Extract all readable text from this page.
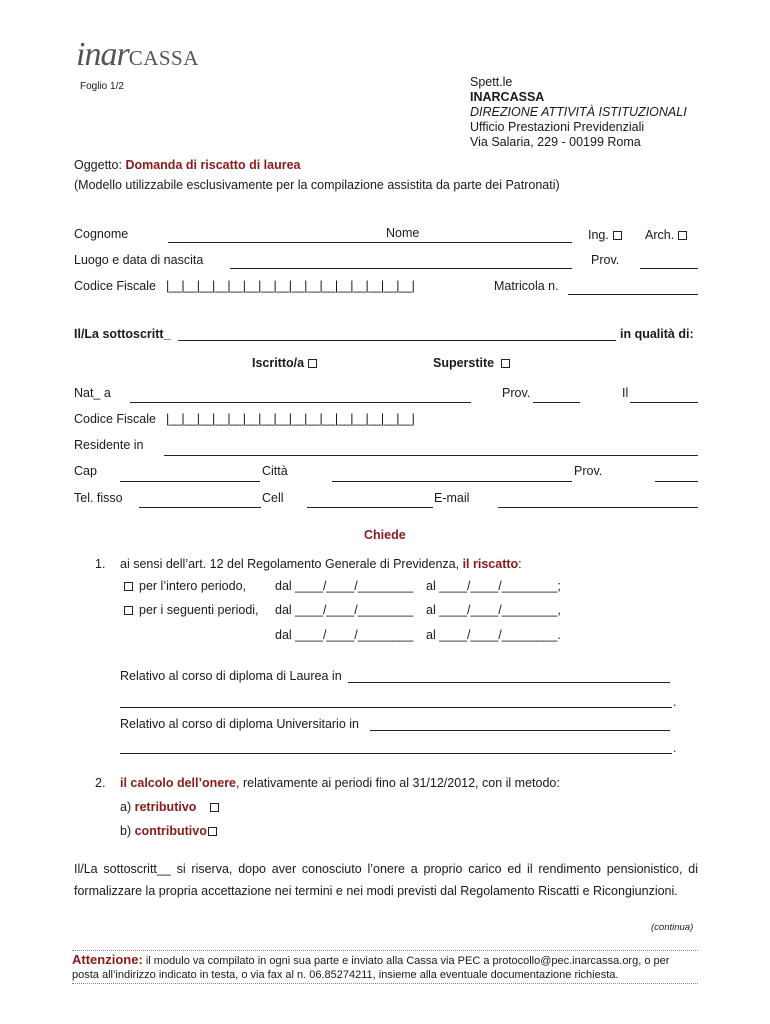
inarCASSA
Foglio 1/2	Spett.le
INARCASSA
DIREZIONE ATTIVITÀ ISTITUZIONALI
Ufficio Prestazioni Previdenziali
Via Salaria, 229 - 00199 Roma
Oggetto: Domanda di riscatto di laurea
(Modello utilizzabile esclusivamente per la compilazione assistita da parte dei Patronati)
Cognome	Nome	Ing.	Arch.
Luogo e data di nascita	Prov.
Codice Fiscale |__|__|__|__|__|__|__|__|__|__|__|__|__|__|__|__|	Matricola n.
Il/La sottoscritt_	in qualità di:
Iscritto/a	Superstite
Nat_ a	Prov.	Il
Codice Fiscale |__|__|__|__|__|__|__|__|__|__|__|__|__|__|__|__|
Residente in
Cap	Città	Prov.
Tel. fisso	Cell	E-mail
Chiede
1. ai sensi dell’art. 12 del Regolamento Generale di Previdenza, il riscatto:
per l’intero periodo, dal ____/____/________ al ____/____/________;
per i seguenti periodi, dal ____/____/________ al ____/____/________,
dal ____/____/________ al ____/____/________.
Relativo al corso di diploma di Laurea in
.
Relativo al corso di diploma Universitario in
.
2. il calcolo dell’onere, relativamente ai periodi fino al 31/12/2012, con il metodo:
a) retributivo
b) contributivo
Il/La sottoscritt__ si riserva, dopo aver conosciuto l’onere a proprio carico ed il rendimento pensionistico, di formalizzare la propria accettazione nei termini e nei modi previsti dal Regolamento Riscatti e Ricongiunzioni.
(continua)
Attenzione: il modulo va compilato in ogni sua parte e inviato alla Cassa via PEC a protocollo@pec.inarcassa.org, o per posta all’indirizzo indicato in testa, o via fax al n. 06.85274211, insieme alla eventuale documentazione richiesta.
